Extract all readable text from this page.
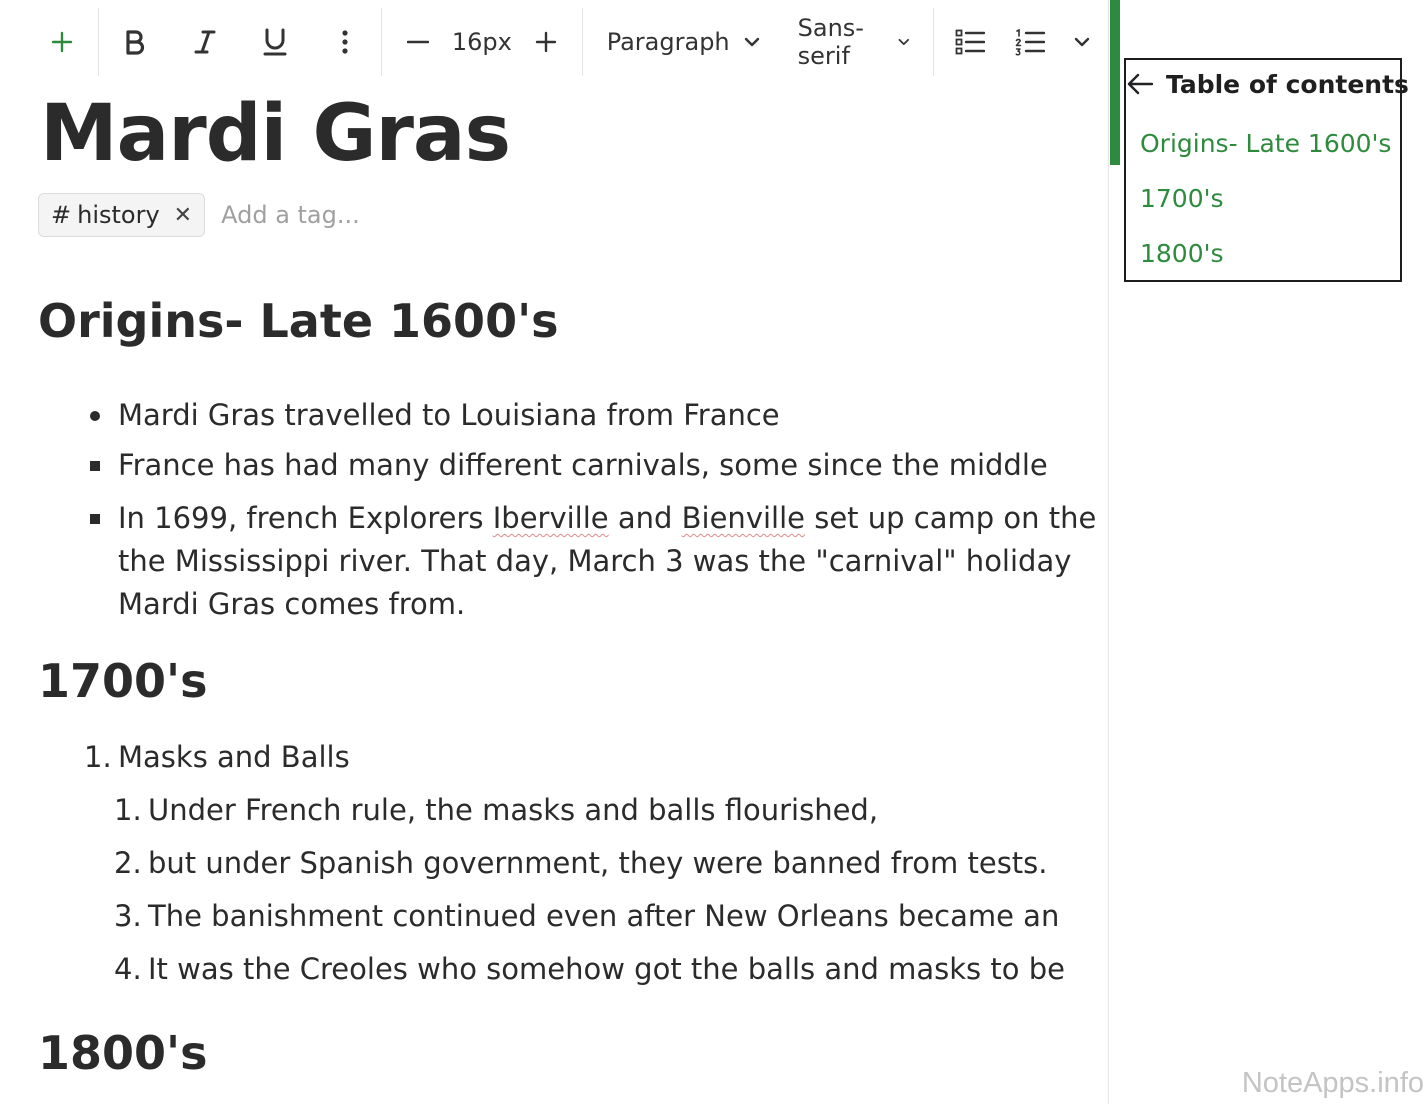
16px	Paragraph	Sans-serif
Mardi Gras
# history ✕
Add a tag...
Origins- Late 1600's
Mardi Gras travelled to Louisiana from France
France has had many different carnivals, some since the middle
In 1699, french Explorers Iberville and Bienville set up camp on the
the Mississippi river. That day, March 3 was the "carnival" holiday
Mardi Gras comes from.
1700's
1. Masks and Balls
1. Under French rule, the masks and balls flourished,
2. but under Spanish government, they were banned from tests.
3. The banishment continued even after New Orleans became an
4. It was the Creoles who somehow got the balls and masks to be
1800's
Table of contents
Origins- Late 1600's
1700's
1800's
NoteApps.info
